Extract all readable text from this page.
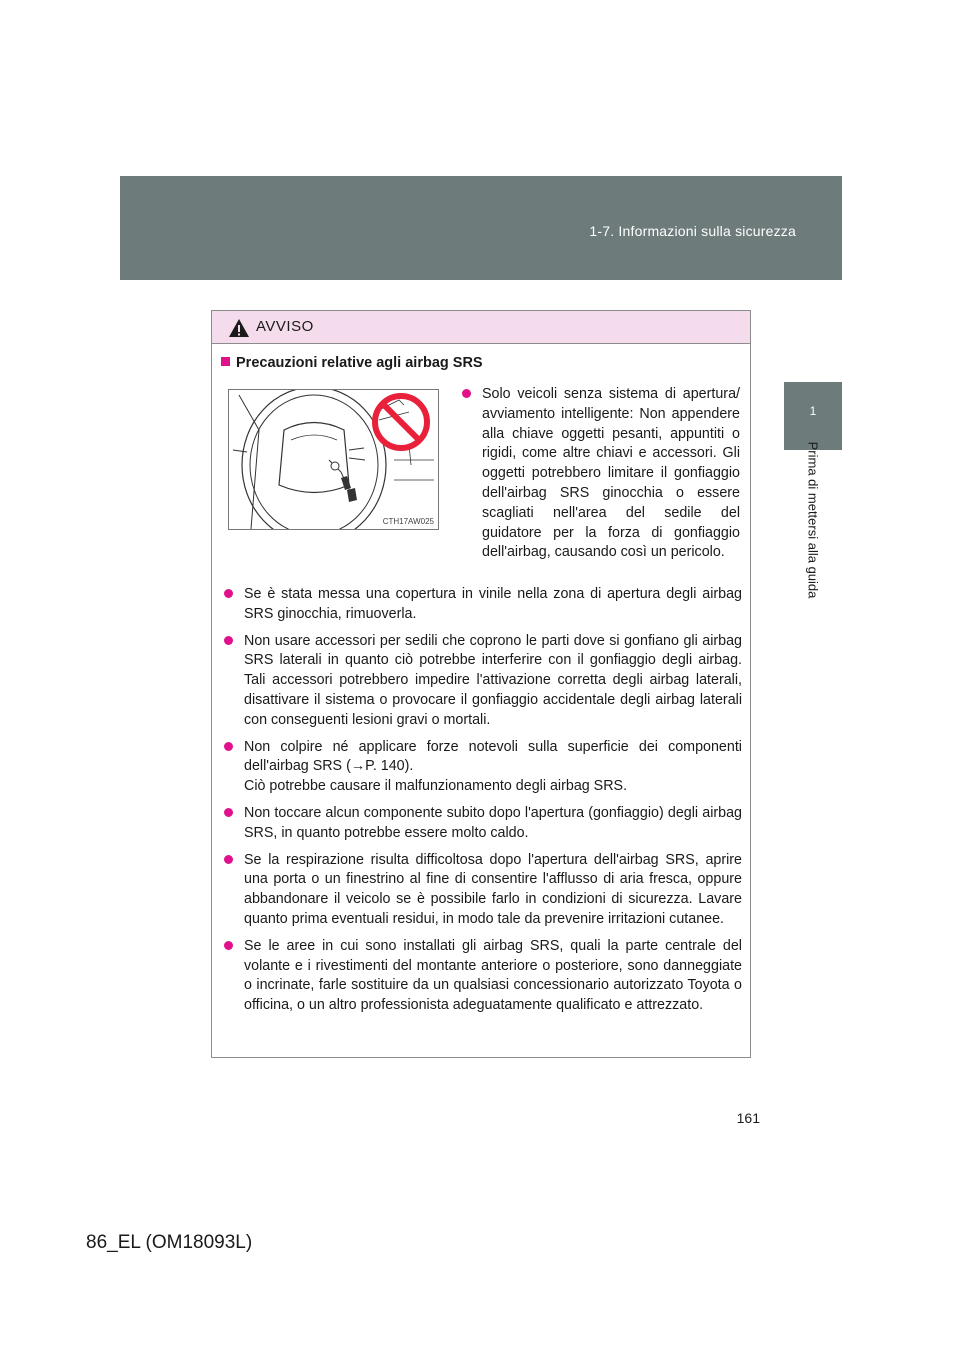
1-7. Informazioni sulla sicurezza
1
Prima di mettersi alla guida
AVVISO
Precauzioni relative agli airbag SRS
CTH17AW025
Solo veicoli senza sistema di apertura/ avviamento intelligente: Non appendere alla chiave oggetti pesanti, appuntiti o rigidi, come altre chiavi e accessori. Gli oggetti potrebbero limitare il gonfiaggio dell'airbag SRS ginocchia o essere scagliati nell'area del sedile del guidatore per la forza di gonfiaggio dell'airbag, causando così un pericolo.
Se è stata messa una copertura in vinile nella zona di apertura degli airbag SRS ginocchia, rimuoverla.
Non usare accessori per sedili che coprono le parti dove si gonfiano gli airbag SRS laterali in quanto ciò potrebbe interferire con il gonfiaggio degli airbag. Tali accessori potrebbero impedire l'attivazione corretta degli airbag laterali, disattivare il sistema o provocare il gonfiaggio accidentale degli airbag laterali con conseguenti lesioni gravi o mortali.
Non colpire né applicare forze notevoli sulla superficie dei componenti dell'airbag SRS (→P. 140).
Ciò potrebbe causare il malfunzionamento degli airbag SRS.
Non toccare alcun componente subito dopo l'apertura (gonfiaggio) degli airbag SRS, in quanto potrebbe essere molto caldo.
Se la respirazione risulta difficoltosa dopo l'apertura dell'airbag SRS, aprire una porta o un finestrino al fine di consentire l'afflusso di aria fresca, oppure abbandonare il veicolo se è possibile farlo in condizioni di sicurezza. Lavare quanto prima eventuali residui, in modo tale da prevenire irritazioni cutanee.
Se le aree in cui sono installati gli airbag SRS, quali la parte centrale del volante e i rivestimenti del montante anteriore o posteriore, sono danneggiate o incrinate, farle sostituire da un qualsiasi concessionario autorizzato Toyota o officina, o un altro professionista adeguatamente qualificato e attrezzato.
161
86_EL (OM18093L)
